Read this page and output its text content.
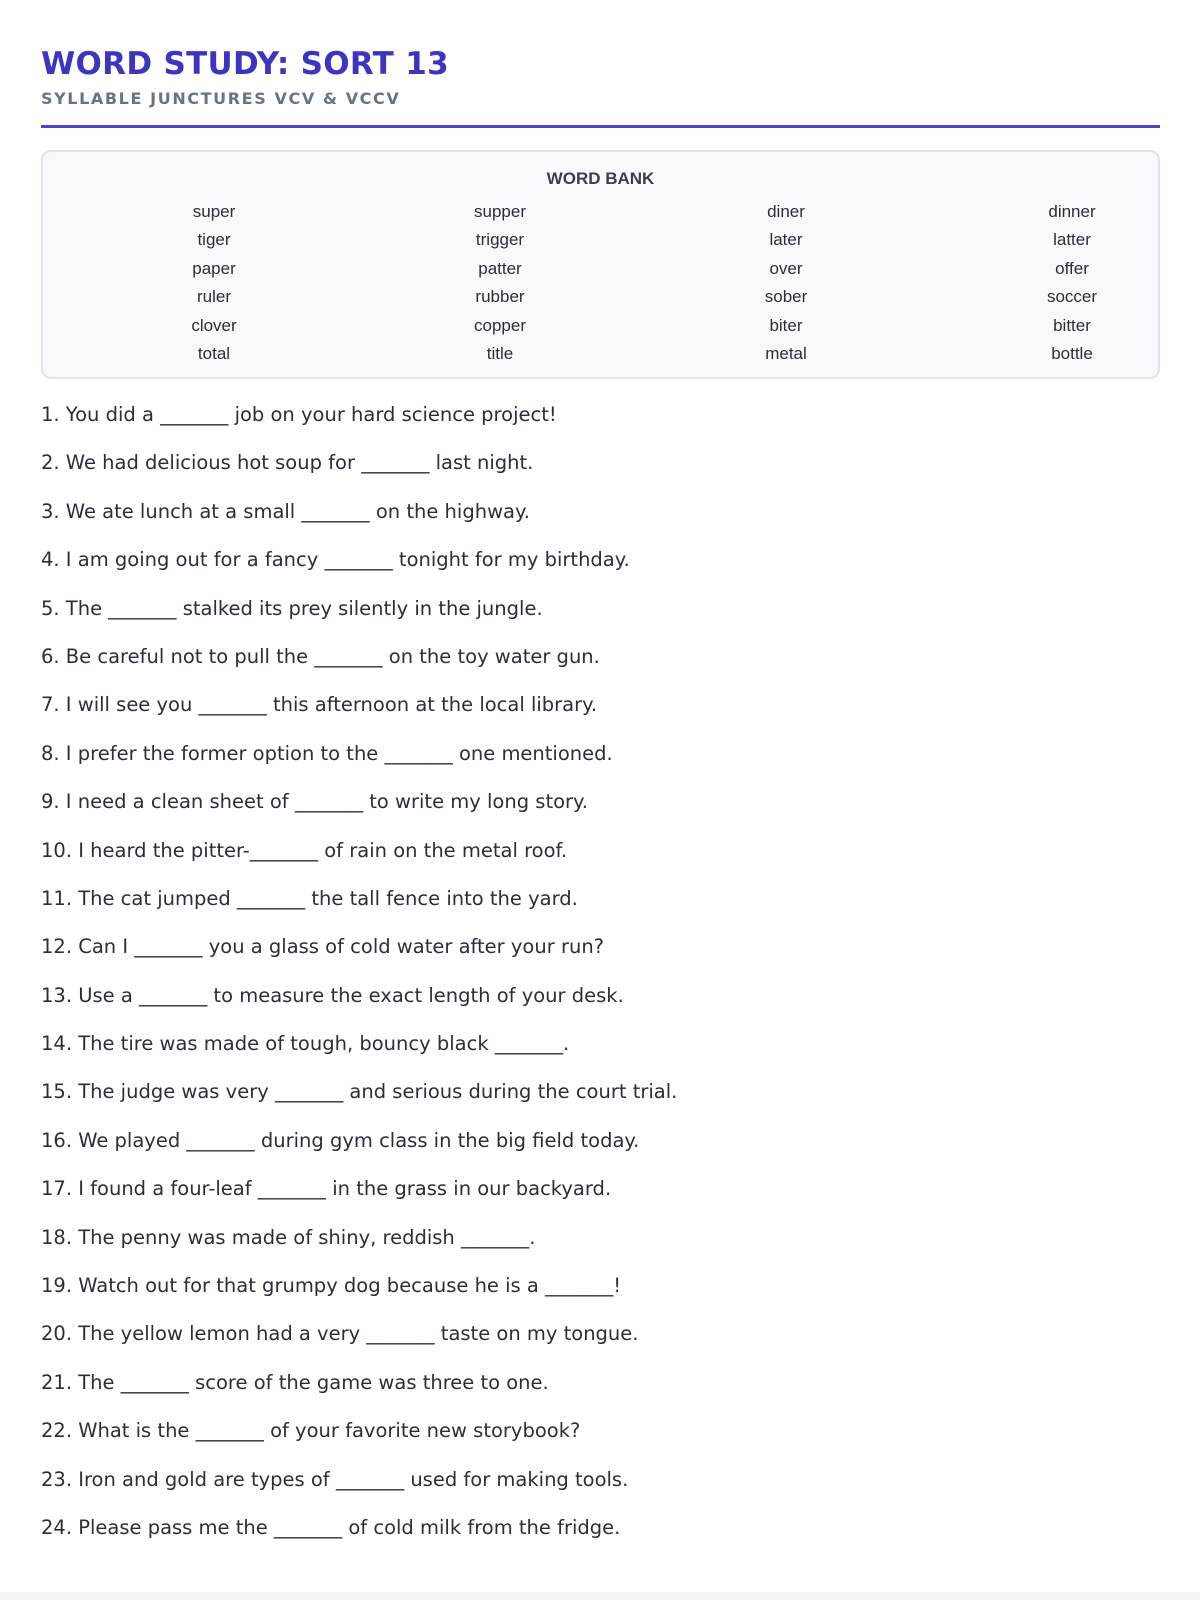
WORD STUDY: SORT 13
SYLLABLE JUNCTURES VCV & VCCV
WORD BANK
super
tiger
paper
ruler
clover
total
supper
trigger
patter
rubber
copper
title
diner
later
over
sober
biter
metal
dinner
latter
offer
soccer
bitter
bottle
1. You did a _______ job on your hard science project!
2. We had delicious hot soup for _______ last night.
3. We ate lunch at a small _______ on the highway.
4. I am going out for a fancy _______ tonight for my birthday.
5. The _______ stalked its prey silently in the jungle.
6. Be careful not to pull the _______ on the toy water gun.
7. I will see you _______ this afternoon at the local library.
8. I prefer the former option to the _______ one mentioned.
9. I need a clean sheet of _______ to write my long story.
10. I heard the pitter-_______ of rain on the metal roof.
11. The cat jumped _______ the tall fence into the yard.
12. Can I _______ you a glass of cold water after your run?
13. Use a _______ to measure the exact length of your desk.
14. The tire was made of tough, bouncy black _______.
15. The judge was very _______ and serious during the court trial.
16. We played _______ during gym class in the big field today.
17. I found a four-leaf _______ in the grass in our backyard.
18. The penny was made of shiny, reddish _______.
19. Watch out for that grumpy dog because he is a _______!
20. The yellow lemon had a very _______ taste on my tongue.
21. The _______ score of the game was three to one.
22. What is the _______ of your favorite new storybook?
23. Iron and gold are types of _______ used for making tools.
24. Please pass me the _______ of cold milk from the fridge.
